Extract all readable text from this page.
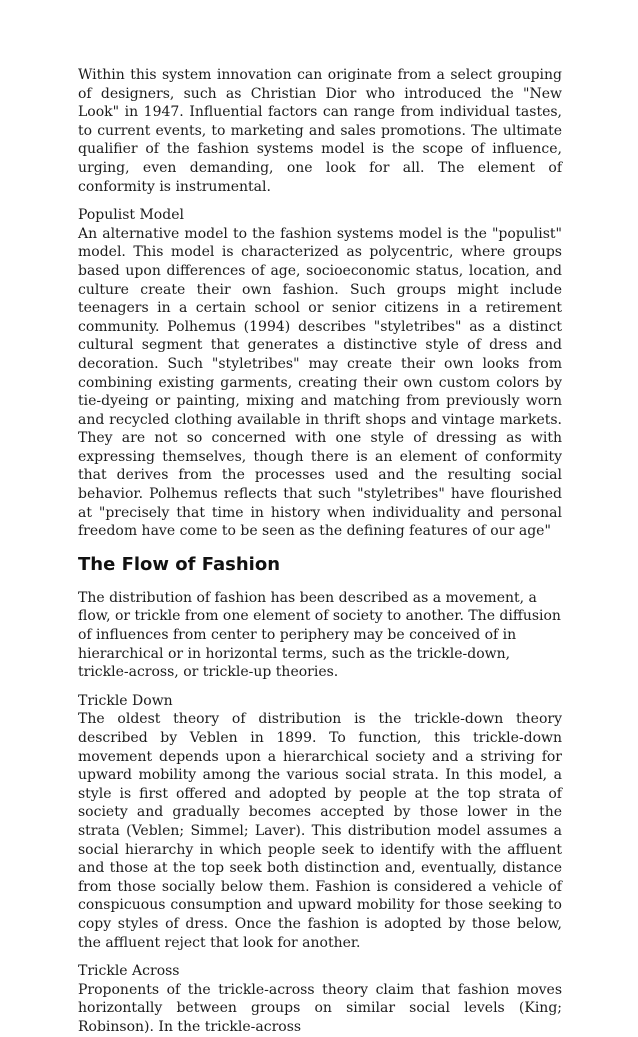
Within this system innovation can originate from a select grouping of designers, such as Christian Dior who introduced the "New Look" in 1947. Influential factors can range from individual tastes, to current events, to marketing and sales promotions. The ultimate qualifier of the fashion systems model is the scope of influence, urging, even demanding, one look for all. The element of conformity is instrumental.

Populist Model

An alternative model to the fashion systems model is the "populist" model. This model is characterized as polycentric, where groups based upon differences of age, socioeconomic status, location, and culture create their own fashion. Such groups might include teenagers in a certain school or senior citizens in a retirement community. Polhemus (1994) describes "styletribes" as a distinct cultural segment that generates a distinctive style of dress and decoration. Such "styletribes" may create their own looks from combining existing garments, creating their own custom colors by tie-dyeing or painting, mixing and matching from previously worn and recycled clothing available in thrift shops and vintage markets. They are not so concerned with one style of dressing as with expressing themselves, though there is an element of conformity that derives from the processes used and the resulting social behavior. Polhemus reflects that such "styletribes" have flourished at "precisely that time in history when individuality and personal freedom have come to be seen as the defining features of our age"

The Flow of Fashion

The distribution of fashion has been described as a movement, a flow, or trickle from one element of society to another. The diffusion of influences from center to periphery may be conceived of in hierarchical or in horizontal terms, such as the trickle-down, trickle-across, or trickle-up theories.

Trickle Down

The oldest theory of distribution is the trickle-down theory described by Veblen in 1899. To function, this trickle-down movement depends upon a hierarchical society and a striving for upward mobility among the various social strata. In this model, a style is first offered and adopted by people at the top strata of society and gradually becomes accepted by those lower in the strata (Veblen; Simmel; Laver). This distribution model assumes a social hierarchy in which people seek to identify with the affluent and those at the top seek both distinction and, eventually, distance from those socially below them. Fashion is considered a vehicle of conspicuous consumption and upward mobility for those seeking to copy styles of dress. Once the fashion is adopted by those below, the affluent reject that look for another.

Trickle Across

Proponents of the trickle-across theory claim that fashion moves horizontally between groups on similar social levels (King; Robinson). In the trickle-across
